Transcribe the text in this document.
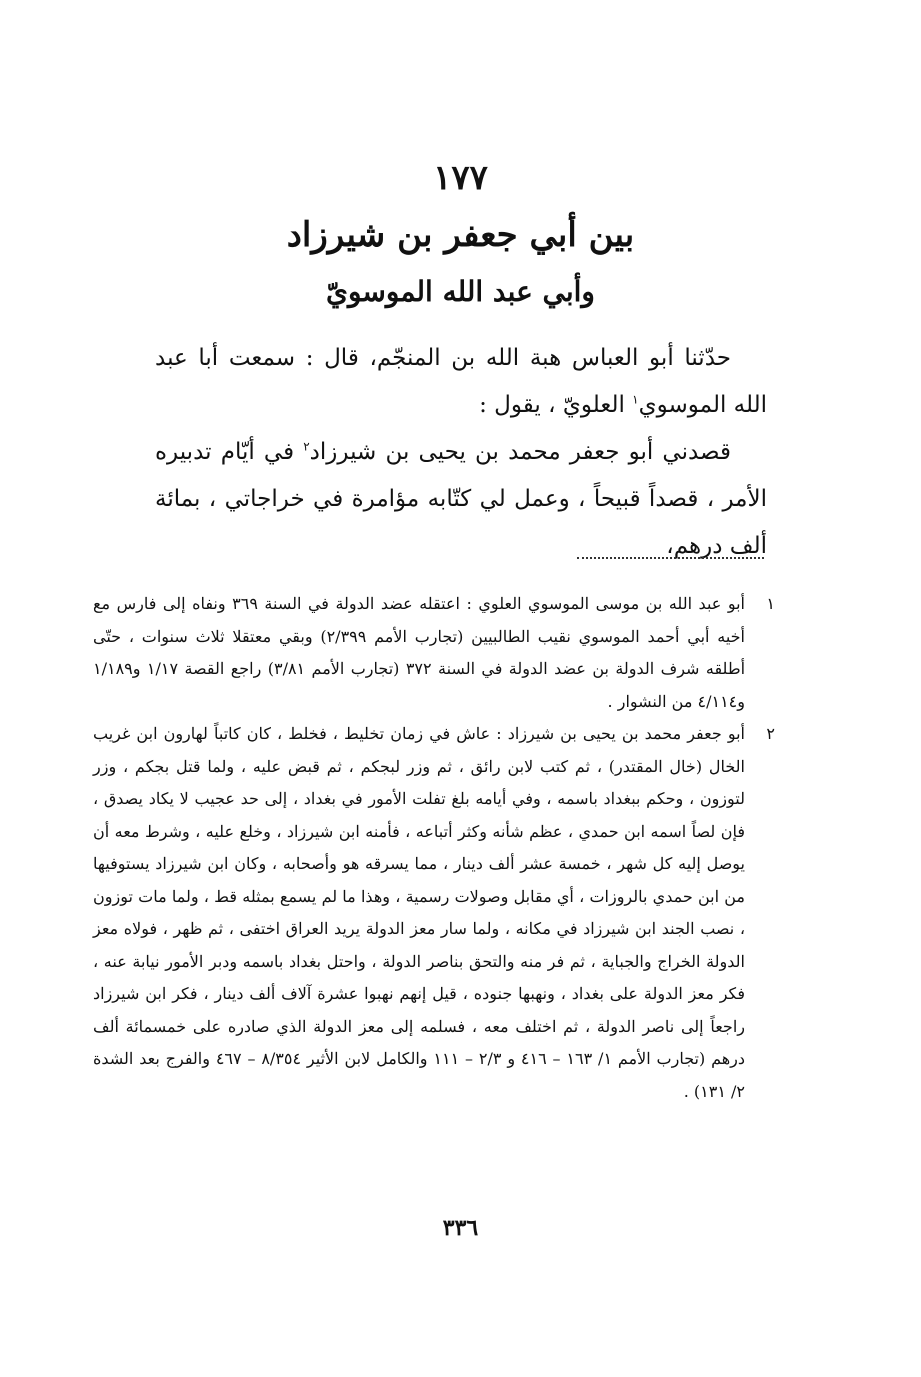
١٧٧
بين أبي جعفر بن شيرزاد
وأبي عبد الله الموسويّ

حدّثنا أبو العباس هبة الله بن المنجّم، قال : سمعت أبا عبد الله الموسوي$^١$ العلويّ ، يقول :

قصدني أبو جعفر محمد بن يحيى بن شيرزاد$^٢$ في أيّام تدبيره الأمر ، قصداً قبيحاً ، وعمل لي كتّابه مؤامرة في خراجاتي ، بمائة ألف درهم،

١
أبو عبد الله بن موسى الموسوي العلوي : اعتقله عضد الدولة في السنة ٣٦٩ ونفاه إلى فارس مع أخيه أبي أحمد الموسوي نقيب الطالبيين (تجارب الأمم ٢/٣٩٩) وبقي معتقلا ثلاث سنوات ، حتّى أطلقه شرف الدولة بن عضد الدولة في السنة ٣٧٢ (تجارب الأمم ٣/٨١) راجع القصة ١/١٧ و١/١٨٩ و٤/١١٤ من النشوار .

٢
أبو جعفر محمد بن يحيى بن شيرزاد : عاش في زمان تخليط ، فخلط ، كان كاتباً لهارون ابن غريب الخال (خال المقتدر) ، ثم كتب لابن رائق ، ثم وزر لبجكم ، ثم قبض عليه ، ولما قتل بجكم ، وزر لتوزون ، وحكم ببغداد باسمه ، وفي أيامه بلغ تفلت الأمور في بغداد ، إلى حد عجيب لا يكاد يصدق ، فإن لصاً اسمه ابن حمدي ، عظم شأنه وكثر أتباعه ، فأمنه ابن شيرزاد ، وخلع عليه ، وشرط معه أن يوصل إليه كل شهر ، خمسة عشر ألف دينار ، مما يسرقه هو وأصحابه ، وكان ابن شيرزاد يستوفيها من ابن حمدي بالروزات ، أي مقابل وصولات رسمية ، وهذا ما لم يسمع بمثله قط ، ولما مات توزون ، نصب الجند ابن شيرزاد في مكانه ، ولما سار معز الدولة يريد العراق اختفى ، ثم ظهر ، فولاه معز الدولة الخراج والجباية ، ثم فر منه والتحق بناصر الدولة ، واحتل بغداد باسمه ودبر الأمور نيابة عنه ، فكر معز الدولة على بغداد ، ونهبها جنوده ، قيل إنهم نهبوا عشرة آلاف ألف دينار ، فكر ابن شيرزاد راجعاً إلى ناصر الدولة ، ثم اختلف معه ، فسلمه إلى معز الدولة الذي صادره على خمسمائة ألف درهم (تجارب الأمم ١/ ١٦٣ – ٤١٦ و ٢/٣ – ١١١ والكامل لابن الأثير ٨/٣٥٤ – ٤٦٧ والفرج بعد الشدة ٢/ ١٣١) .

٣٣٦
